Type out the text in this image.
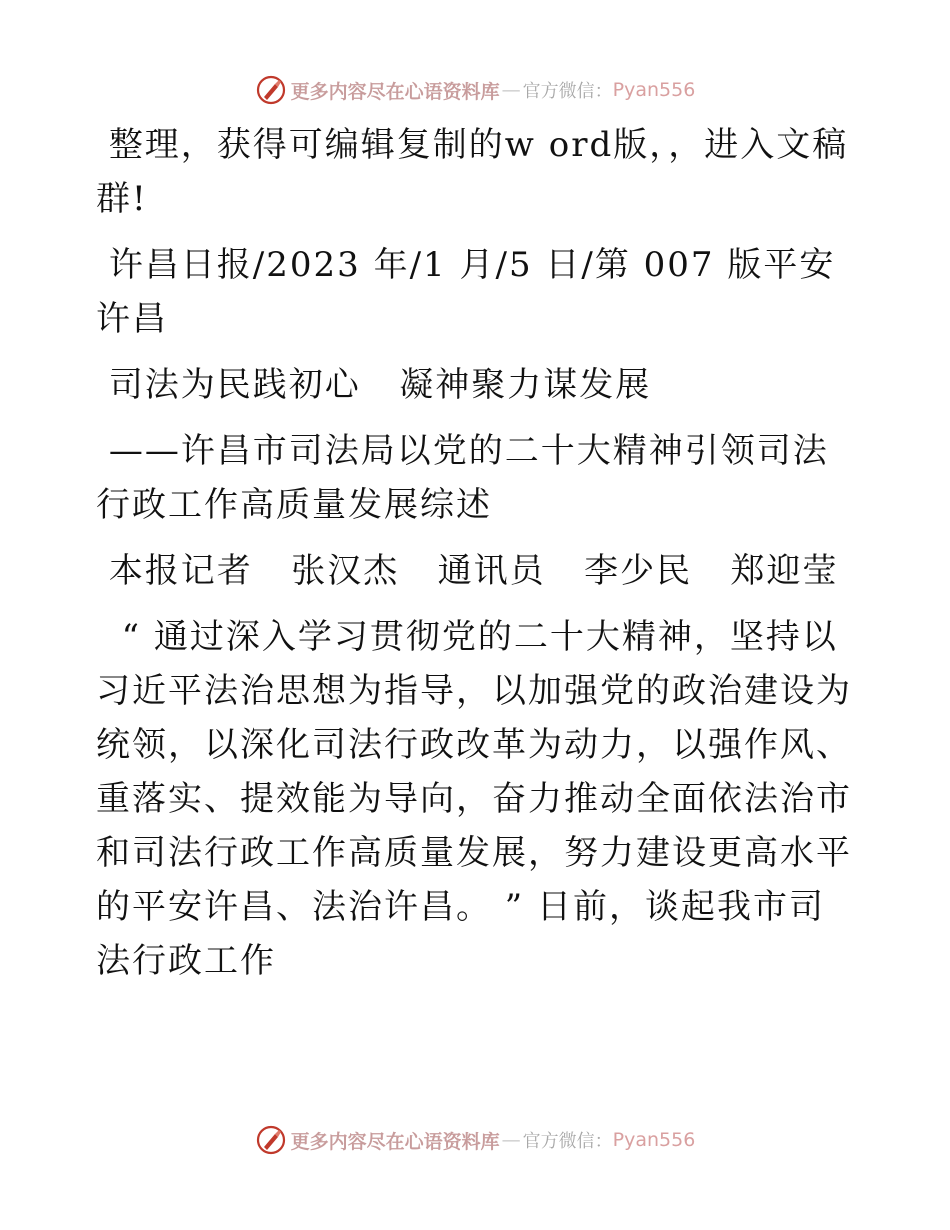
更多内容尽在心语资料库 — 官方微信： Pyan556

整理，获得可编辑复制的w ord版，，进入文稿群!

许昌日报/2023 年/1 月/5 日/第 007 版平安许昌

司法为民践初心   凝神聚力谋发展

——许昌市司法局以党的二十大精神引领司法行政工作高质量发展综述

本报记者   张汉杰   通讯员   李少民   郑迎莹

“ 通过深入学习贯彻党的二十大精神，坚持以习近平法治思想为指导，以加强党的政治建设为统领，以深化司法行政改革为动力，以强作风、重落实、提效能为导向，奋力推动全面依法治市和司法行政工作高质量发展，努力建设更高水平的平安许昌、法治许昌。 ” 日前，谈起我市司法行政工作

更多内容尽在心语资料库 — 官方微信： Pyan556
